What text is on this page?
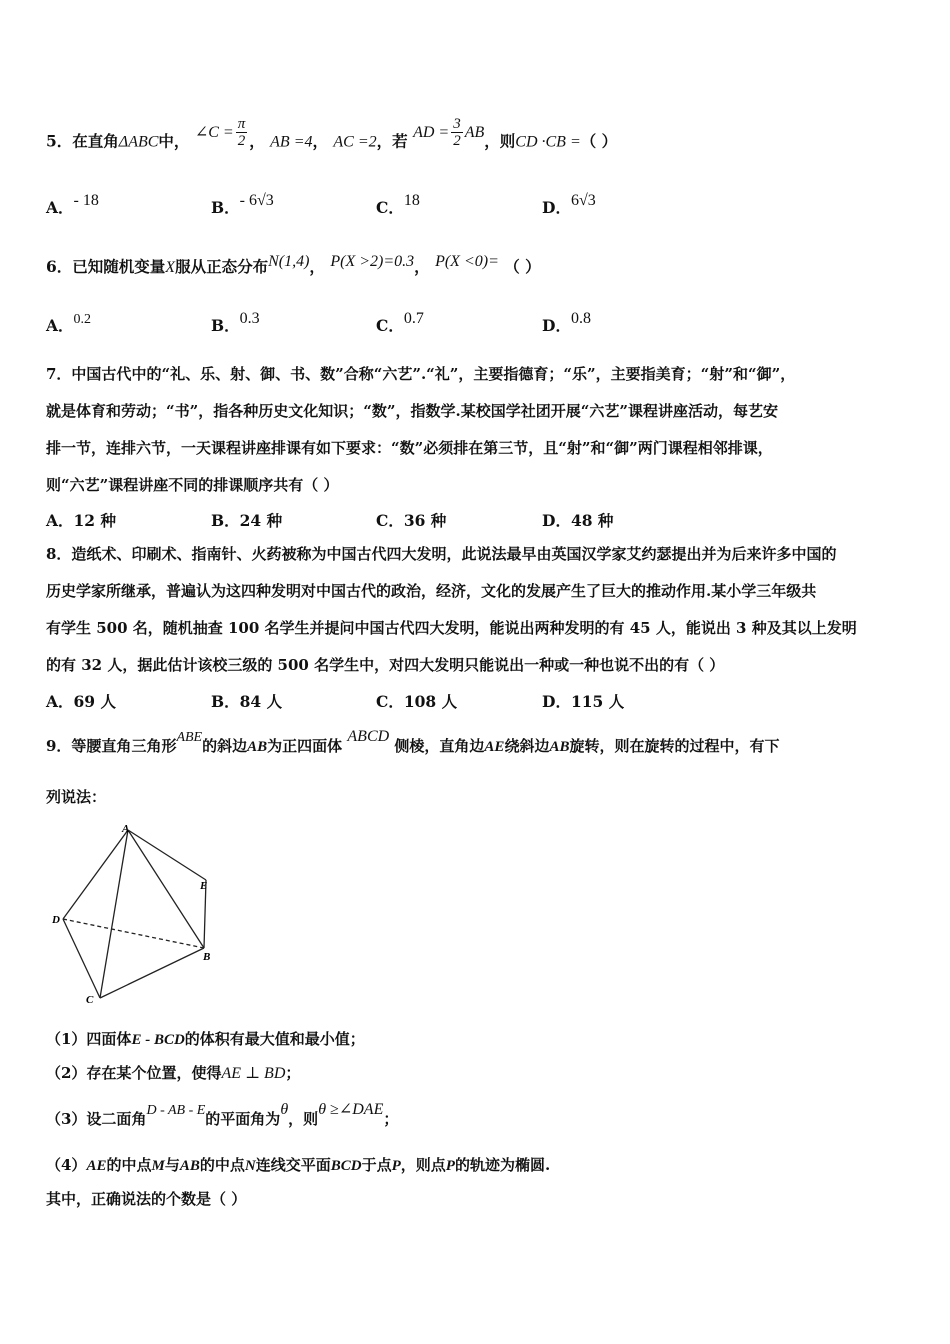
5．在直角ΔABC中， ∠C = $\frac{\pi}{2}$ ， AB =4， AC =2，若 AD = $\frac{3}{2}$ AB，则CD ·CB =（ ）
A．- 18	B．- 6√3	C．18	D．6√3
6．已知随机变量X服从正态分布N(1,4)， P(X >2)=0.3， P(X <0)= （ ）
A．0.2	B．0.3	C．0.7	D．0.8
7．中国古代中的“礼、乐、射、御、书、数”合称“六艺”.“礼”，主要指德育；“乐”，主要指美育；“射”和“御”，
就是体育和劳动；“书”，指各种历史文化知识；“数”，指数学.某校国学社团开展“六艺”课程讲座活动，每艺安
排一节，连排六节，一天课程讲座排课有如下要求：“数”必须排在第三节，且“射”和“御”两门课程相邻排课，
则“六艺”课程讲座不同的排课顺序共有（ ）
A．12 种	B．24 种	C．36 种	D．48 种
8．造纸术、印刷术、指南针、火药被称为中国古代四大发明，此说法最早由英国汉学家艾约瑟提出并为后来许多中国的
历史学家所继承，普遍认为这四种发明对中国古代的政治，经济，文化的发展产生了巨大的推动作用.某小学三年级共
有学生 500 名，随机抽查 100 名学生并提问中国古代四大发明，能说出两种发明的有 45 人，能说出 3 种及其以上发明
的有 32 人，据此估计该校三级的 500 名学生中，对四大发明只能说出一种或一种也说不出的有（ ）
A．69 人	B．84 人	C．108 人	D．115 人
9．等腰直角三角形ABE的斜边AB为正四面体 ABCD 侧棱，直角边AE绕斜边AB旋转，则在旋转的过程中，有下
列说法：
A
E
D
B
C
（1）四面体E - BCD的体积有最大值和最小值；
（2）存在某个位置，使得AE ⊥ BD；
（3）设二面角D - AB - E的平面角为θ，则θ ≥∠DAE；
（4）AE的中点M与AB的中点N连线交平面BCD于点P，则点P的轨迹为椭圆.
其中，正确说法的个数是（ ）
